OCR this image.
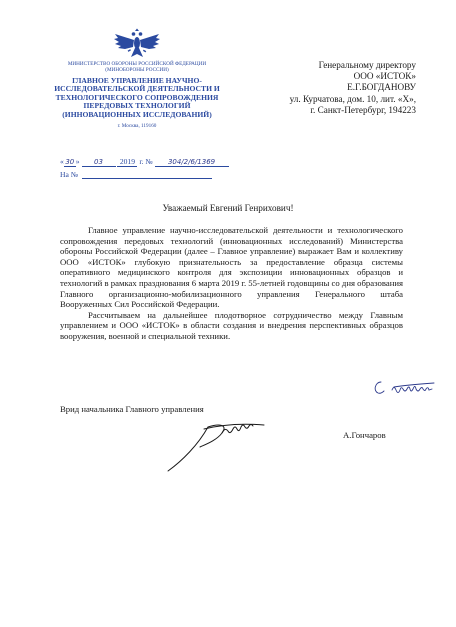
МИНИСТЕРСТВО ОБОРОНЫ РОССИЙСКОЙ ФЕДЕРАЦИИ (МИНОБОРОНЫ РОССИИ)
ГЛАВНОЕ УПРАВЛЕНИЕ НАУЧНО-ИССЛЕДОВАТЕЛЬСКОЙ ДЕЯТЕЛЬНОСТИ И ТЕХНОЛОГИЧЕСКОГО СОПРОВОЖДЕНИЯ ПЕРЕДОВЫХ ТЕХНОЛОГИЙ (ИННОВАЦИОННЫХ ИССЛЕДОВАНИЙ)
г. Москва, 119160
« 30 » 03 2019 г. № 304/2/6/1369
На №
Генеральному директору
ООО «ИСТОК»
Е.Г.БОГДАНОВУ
ул. Курчатова, дом. 10, лит. «Х»,
г. Санкт-Петербург, 194223
Уважаемый Евгений Генрихович!

Главное управление научно-исследовательской деятельности и технологического сопровождения передовых технологий (инновационных исследований) Министерства обороны Российской Федерации (далее – Главное управление) выражает Вам и коллективу ООО «ИСТОК» глубокую признательность за предоставление образца системы оперативного медицинского контроля для экспозиции инновационных образцов и технологий в рамках празднования 6 марта 2019 г. 55-летней годовщины со дня образования Главного организационно-мобилизационного управления Генерального штаба Вооруженных Сил Российской Федерации.

Рассчитываем на дальнейшее плодотворное сотрудничество между Главным управлением и ООО «ИСТОК» в области создания и внедрения перспективных образцов вооружения, военной и специальной техники.

Врид начальника Главного управления
А.Гончаров
